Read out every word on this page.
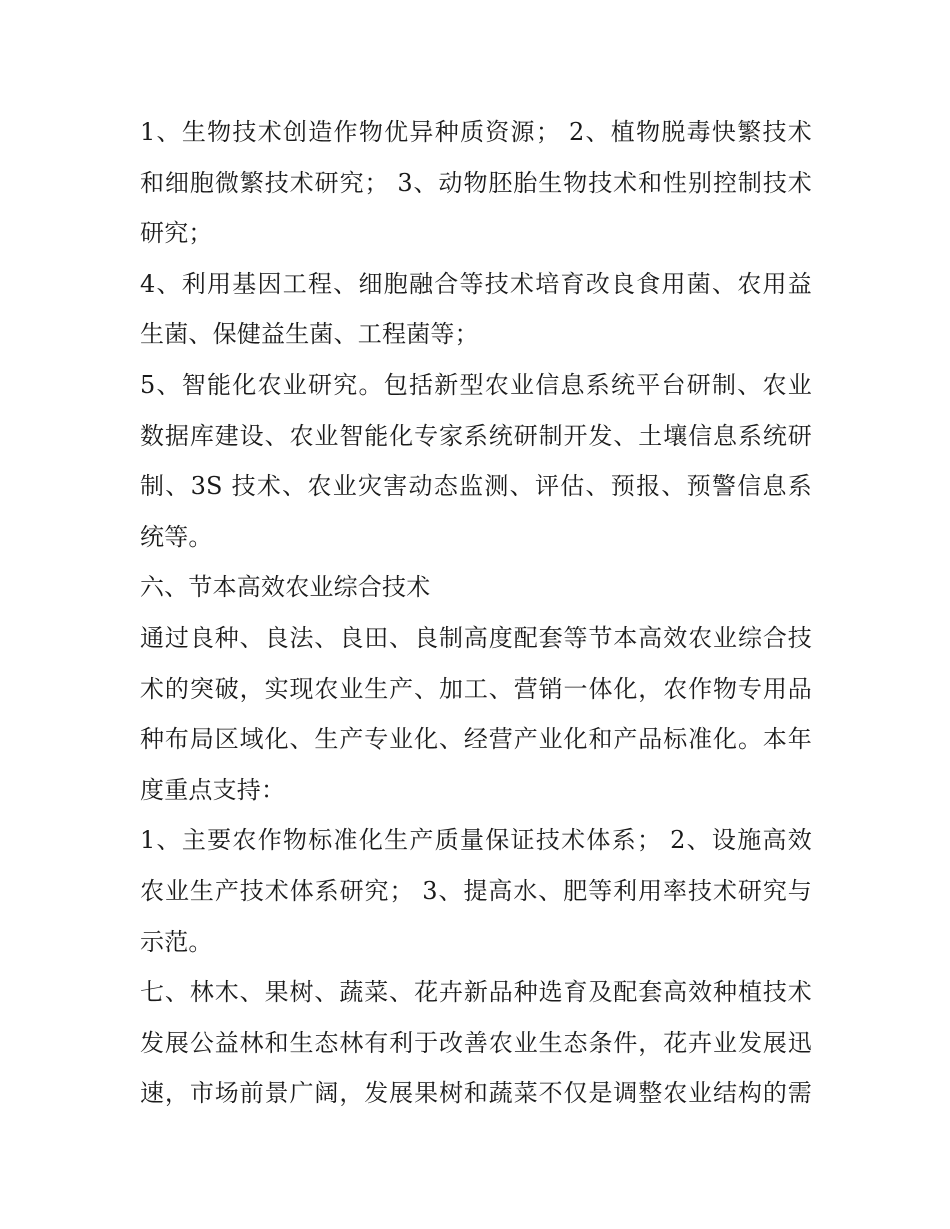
1、生物技术创造作物优异种质资源； 2、植物脱毒快繁技术
和细胞微繁技术研究； 3、动物胚胎生物技术和性别控制技术
研究；
4、利用基因工程、细胞融合等技术培育改良食用菌、农用益
生菌、保健益生菌、工程菌等；
5、智能化农业研究。包括新型农业信息系统平台研制、农业
数据库建设、农业智能化专家系统研制开发、土壤信息系统研
制、3S 技术、农业灾害动态监测、评估、预报、预警信息系
统等。
六、节本高效农业综合技术
通过良种、良法、良田、良制高度配套等节本高效农业综合技
术的突破，实现农业生产、加工、营销一体化，农作物专用品
种布局区域化、生产专业化、经营产业化和产品标准化。本年
度重点支持：
1、主要农作物标准化生产质量保证技术体系； 2、设施高效
农业生产技术体系研究； 3、提高水、肥等利用率技术研究与
示范。
七、林木、果树、蔬菜、花卉新品种选育及配套高效种植技术
发展公益林和生态林有利于改善农业生态条件，花卉业发展迅
速，市场前景广阔，发展果树和蔬菜不仅是调整农业结构的需
